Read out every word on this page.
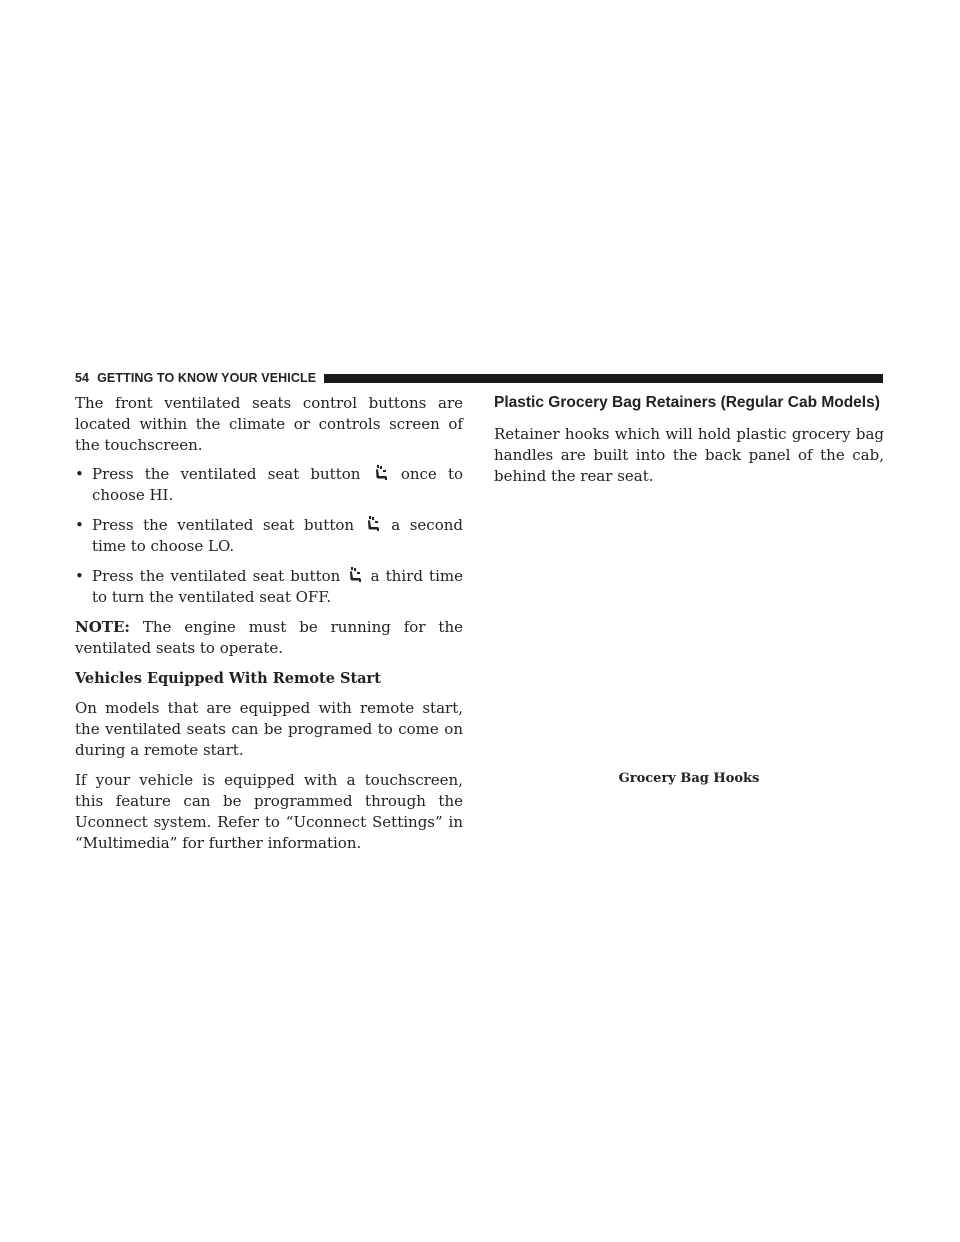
54 GETTING TO KNOW YOUR VEHICLE

The front ventilated seats control buttons are located within the climate or controls screen of the touchscreen.

• Press the ventilated seat button	once to choose HI.
• Press the ventilated seat button a second time to choose LO.
• Press the ventilated seat button a third time to turn the ventilated seat OFF.

NOTE: The engine must be running for the ventilated seats to operate.

Vehicles Equipped With Remote Start

On models that are equipped with remote start, the ventilated seats can be programed to come on during a remote start.

If your vehicle is equipped with a touchscreen, this feature can be programmed through the Uconnect system. Refer to “Uconnect Settings” in “Multimedia” for further information.

Plastic Grocery Bag Retainers (Regular Cab Models)

Retainer hooks which will hold plastic grocery bag handles are built into the back panel of the cab, behind the rear seat.

Grocery Bag Hooks
